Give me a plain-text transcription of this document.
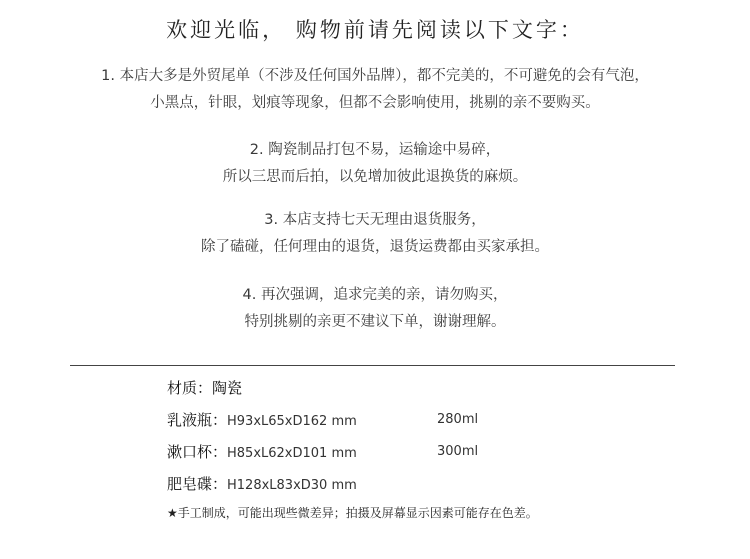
欢迎光临， 购物前请先阅读以下文字：
1. 本店大多是外贸尾单（不涉及任何国外品牌），都不完美的，不可避免的会有气泡，
小黑点，针眼，划痕等现象，但都不会影响使用，挑剔的亲不要购买。
2. 陶瓷制品打包不易，运输途中易碎，
所以三思而后拍，以免增加彼此退换货的麻烦。
3. 本店支持七天无理由退货服务，
除了磕碰，任何理由的退货，退货运费都由买家承担。
4. 再次强调，追求完美的亲，请勿购买，
特别挑剔的亲更不建议下单，谢谢理解。
材质：陶瓷
乳液瓶：H93xL65xD162 mm	280ml
漱口杯：H85xL62xD101 mm	300ml
肥皂碟：H128xL83xD30 mm
★手工制成，可能出现些微差异；拍摄及屏幕显示因素可能存在色差。
